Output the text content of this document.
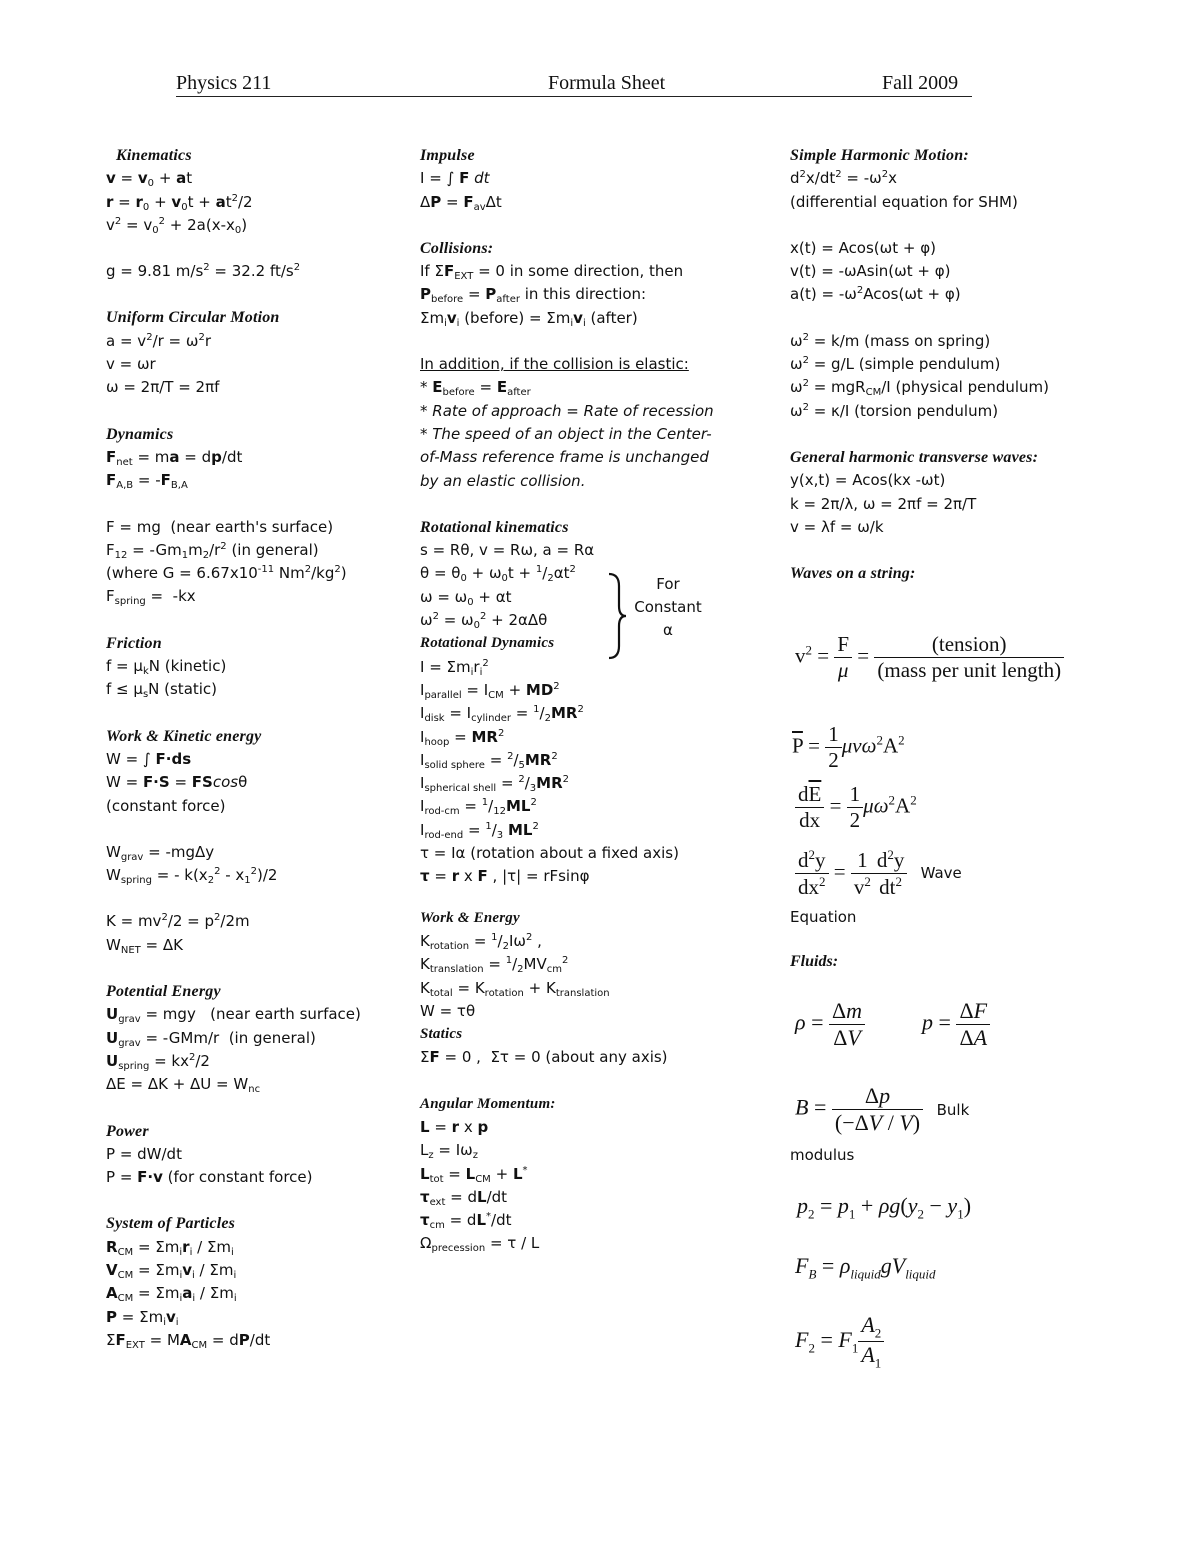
Physics 211	Formula Sheet	Fall 2009
Kinematics
$v = v_0$ + at
$r = r_0 + v_0t + at^2/2$
$v^2 = v_0^2 + 2a(x-x_0)$
g = 9.81 $m/s^2 = 32.2$ $ft/s^2$
Uniform Circular Motion
$a = v^2/r = \omega^2r$
v = ωr
ω = 2π/T = 2πf
Dynamics
$F_{net}$ = ma = dp/dt
$F_{A,B} = -F_{B,A}$
F = mg  (near earth's surface)
$F_{12} = -Gm_1m_2/r^2$ (in general)
(where $G = 6.67x10^{-11}$ $Nm^2/kg^2$)
$F_{spring} = -kx$
Friction
$f = \mu_kN$ (kinetic)
$f \le \mu_sN$ (static)
Work & Kinetic energy
W = ∫ F·ds
W = F·S = FScosθ
(constant force)
$W_{grav} = -mg\Delta y$
$W_{spring}$ = - $k(x_2^2 - x_1^2)/2$
$K = mv^2/2 = p^2/2m$
$W_{NET} = \Delta K$
Potential Energy
$U_{grav}$ = mgy   (near earth surface)
$U_{grav} = -GMm/r$  (in general)
$U_{spring} = kx^2/2$
$\Delta E = \Delta K + \Delta U = W_{nc}$
Power
P = dW/dt
P = F·v (for constant force)
System of Particles
$R_{CM} = \Sigma m_ir_i / \Sigma m_i$
$V_{CM} = \Sigma m_iv_i / \Sigma m_i$
$A_{CM} = \Sigma m_ia_i / \Sigma m_i$
$P = \Sigma m_iv_i$
$\Sigma F_{EXT} = MA_{CM} = dP/dt$
Impulse
I = ∫ F dt
$\Delta P = F_{av}\Delta t$
Collisions:
If $\Sigma F_{EXT} = 0$ in some direction, then
$P_{before} = P_{after}$ in this direction:
$\Sigma m_iv_i$ (before) = $\Sigma m_iv_i$ (after)
In addition, if the collision is elastic:
* $E_{before} = E_{after}$
* Rate of approach = Rate of recession
* The speed of an object in the Center-of-Mass reference frame is unchanged by an elastic collision.
Rotational kinematics
s = Rθ, v = Rω, a = Rα
$\theta = \theta_0 + \omega_0t + ^1/_2\alpha t^2$
$\omega = \omega_0 + \alpha t$
$\omega^2 = \omega_0^2 + 2\alpha\Delta\theta$
Rotational Dynamics
$I = \Sigma m_ir_i^2$
$I_{parallel} = I_{CM} + MD^2$
$I_{disk} = I_{cylinder} = ^1/_2MR^2$
$I_{hoop} = MR^2$
$I_{solid sphere} = ^2/_5MR^2$
$I_{spherical shell} = ^2/_3MR^2$
$I_{rod-cm} = ^1/_{12}ML^2$
$I_{rod-end} = ^1/_3$ $ML^2$
τ = Iα (rotation about a fixed axis)
τ = r x F , |τ| = rFsinφ
Work & Energy
$K_{rotation} = ^1/_2I\omega^2$ ,
$K_{translation} = ^1/_2MV_{cm}^2$
$K_{total} = K_{rotation} + K_{translation}$
W = τθ
Statics
ΣF = 0 ,  Στ = 0 (about any axis)
Angular Momentum:
L = r x p
$L_z = I\omega_z$
$L_{tot} = L_{CM} + L^*$
$\tau_{ext} = dL/dt$
$\tau_{cm} = dL^*/dt$
$\Omega_{precession} = \tau / L$
For
Constant
α
Simple Harmonic Motion:
$d^2x/dt^2 = -\omega^2x$
(differential equation for SHM)
x(t) = Acos(ωt + φ)
v(t) = -ωAsin(ωt + φ)
$a(t) = -\omega^2Acos(\omega t + \varphi)$
$\omega^2 = k/m$ (mass on spring)
$\omega^2 = g/L$ (simple pendulum)
$\omega^2 = mgR_{CM}/I$ (physical pendulum)
$\omega^2 = \kappa/I$ (torsion pendulum)
General harmonic transverse waves:
y(x,t) = Acos(kx -ωt)
k = 2π/λ, ω = 2πf = 2π/T
v = λf = ω/k
Waves on a string:
$v^2 = \frac{F}{\mu} = \frac{\text{(tension)}}{\text{(mass per unit length)}}$
$\overline{P} = \frac{1}{2} \mu v\omega^2A^2$
$\frac{d\overline{E}}{dx} = \frac{1}{2} \mu\omega^2A^2$
$\frac{d^2y}{dx^2} = \frac{1}{v^2} \frac{d^2y}{dt^2}$ Wave
Equation
Fluids:
$\rho = \frac{\Delta m}{\Delta V}$	$p = \frac{\Delta F}{\Delta A}$
$B = \frac{\Delta p}{(-\Delta V / V)}$ Bulk
modulus
$p_2 = p_1 + \rho g(y_2 - y_1)$
$F_B = \rho_{liquid}gV_{liquid}$
$F_2 = F_1 \frac{A_2}{A_1}$
